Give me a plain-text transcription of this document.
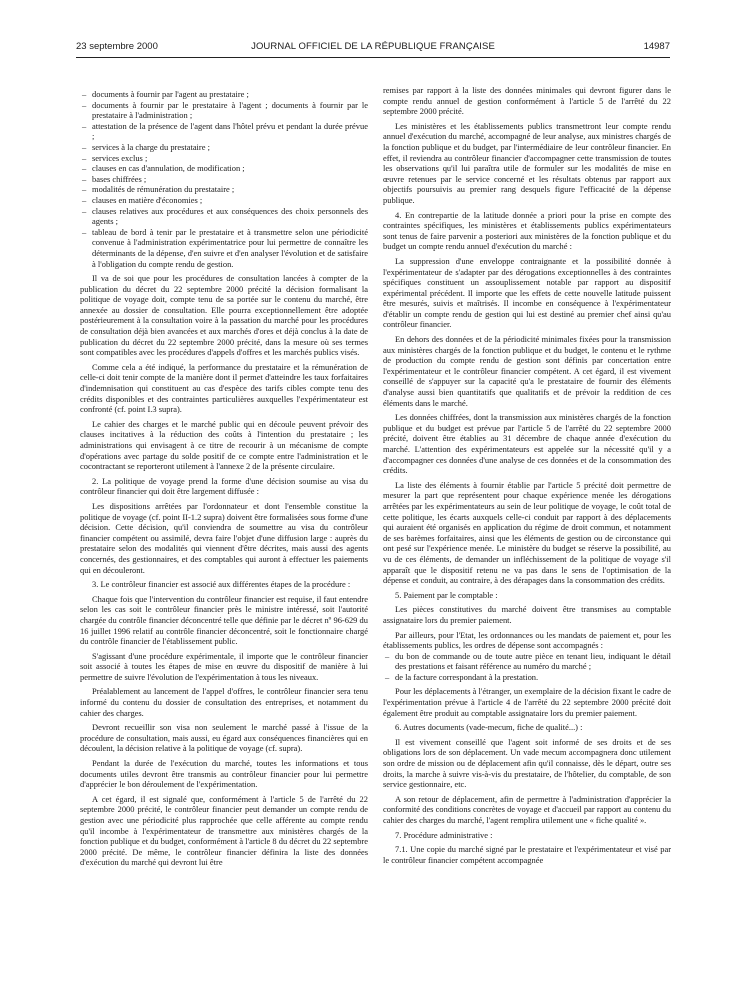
23 septembre 2000	JOURNAL OFFICIEL DE LA RÉPUBLIQUE FRANÇAISE	14987
– documents à fournir par l'agent au prestataire ;
– documents à fournir par le prestataire à l'agent ; documents à fournir par le prestataire à l'administration ;
– attestation de la présence de l'agent dans l'hôtel prévu et pendant la durée prévue ;
– services à la charge du prestataire ;
– services exclus ;
– clauses en cas d'annulation, de modification ;
– bases chiffrées ;
– modalités de rémunération du prestataire ;
– clauses en matière d'économies ;
– clauses relatives aux procédures et aux conséquences des choix personnels des agents ;
– tableau de bord à tenir par le prestataire et à transmettre selon une périodicité convenue à l'administration expérimentatrice pour lui permettre de connaître les déterminants de la dépense, d'en suivre et d'en analyser l'évolution et de satisfaire à l'obligation du compte rendu de gestion.

Il va de soi que pour les procédures de consultation lancées à compter de la publication du décret du 22 septembre 2000 précité la décision formalisant la politique de voyage doit, compte tenu de sa portée sur le contenu du marché, être annexée au dossier de consultation. Elle pourra exceptionnellement être adoptée postérieurement à la consultation voire à la passation du marché pour les procédures de consultation déjà bien avancées et aux marchés d'ores et déjà conclus à la date de publication du décret du 22 septembre 2000 précité, dans la mesure où ses termes sont compatibles avec les procédures d'appels d'offres et les marchés publics visés.

Comme cela a été indiqué, la performance du prestataire et la rémunération de celle-ci doit tenir compte de la manière dont il permet d'atteindre les taux forfaitaires d'indemnisation qui constituent au cas d'espèce des tarifs cibles compte tenu des crédits disponibles et des contraintes particulières auxquelles l'expérimentateur est confronté (cf. point I.3 supra).

Le cahier des charges et le marché public qui en découle peuvent prévoir des clauses incitatives à la réduction des coûts à l'intention du prestataire ; les administrations qui envisagent à ce titre de recourir à un mécanisme de compte d'opérations avec partage du solde positif de ce compte entre l'administration et le cocontractant se reporteront utilement à l'annexe 2 de la présente circulaire.

2. La politique de voyage prend la forme d'une décision soumise au visa du contrôleur financier qui doit être largement diffusée :

Les dispositions arrêtées par l'ordonnateur et dont l'ensemble constitue la politique de voyage (cf. point II-1.2 supra) doivent être formalisées sous forme d'une décision. Cette décision, qu'il conviendra de soumettre au visa du contrôleur financier compétent ou assimilé, devra faire l'objet d'une diffusion large : auprès du prestataire selon des modalités qui viennent d'être décrites, mais aussi des agents concernés, des gestionnaires, et des comptables qui auront à effectuer les paiements qui en découleront.

3. Le contrôleur financier est associé aux différentes étapes de la procédure :

Chaque fois que l'intervention du contrôleur financier est requise, il faut entendre selon les cas soit le contrôleur financier près le ministre intéressé, soit l'autorité chargée du contrôle financier déconcentré telle que définie par le décret nº 96-629 du 16 juillet 1996 relatif au contrôle financier déconcentré, soit le fonctionnaire chargé du contrôle financier de l'établissement public.

S'agissant d'une procédure expérimentale, il importe que le contrôleur financier soit associé à toutes les étapes de mise en œuvre du dispositif de manière à lui permettre de suivre l'évolution de l'expérimentation à tous les niveaux.

Préalablement au lancement de l'appel d'offres, le contrôleur financier sera tenu informé du contenu du dossier de consultation des entreprises, et notamment du cahier des charges.

Devront recueillir son visa non seulement le marché passé à l'issue de la procédure de consultation, mais aussi, eu égard aux conséquences financières qui en découlent, la décision relative à la politique de voyage (cf. supra).

Pendant la durée de l'exécution du marché, toutes les informations et tous documents utiles devront être transmis au contrôleur financier pour lui permettre d'apprécier le bon déroulement de l'expérimentation.

A cet égard, il est signalé que, conformément à l'article 5 de l'arrêté du 22 septembre 2000 précité, le contrôleur financier peut demander un compte rendu de gestion avec une périodicité plus rapprochée que celle afférente au compte rendu qu'il incombe à l'expérimentateur de transmettre aux ministères chargés de la fonction publique et du budget, conformément à l'article 8 du décret du 22 septembre 2000 précité. De même, le contrôleur financier définira la liste des données d'exécution du marché qui devront lui être

remises par rapport à la liste des données minimales qui devront figurer dans le compte rendu annuel de gestion conformément à l'article 5 de l'arrêté du 22 septembre 2000 précité.

Les ministères et les établissements publics transmettront leur compte rendu annuel d'exécution du marché, accompagné de leur analyse, aux ministres chargés de la fonction publique et du budget, par l'intermédiaire de leur contrôleur financier. En effet, il reviendra au contrôleur financier d'accompagner cette transmission de toutes les observations qu'il lui paraîtra utile de formuler sur les modalités de mise en œuvre retenues par le service concerné et les résultats obtenus par rapport aux objectifs poursuivis au premier rang desquels figure l'efficacité de la dépense publique.

4. En contrepartie de la latitude donnée a priori pour la prise en compte des contraintes spécifiques, les ministères et établissements publics expérimentateurs sont tenus de faire parvenir a posteriori aux ministères de la fonction publique et du budget un compte rendu annuel d'exécution du marché :

La suppression d'une enveloppe contraignante et la possibilité donnée à l'expérimentateur de s'adapter par des dérogations exceptionnelles à des contraintes spécifiques constituent un assouplissement notable par rapport au dispositif expérimental précédent. Il importe que les effets de cette nouvelle latitude puissent être mesurés, suivis et maîtrisés. Il incombe en conséquence à l'expérimentateur d'établir un compte rendu de gestion qui lui est destiné au premier chef ainsi qu'au contrôleur financier.

En dehors des données et de la périodicité minimales fixées pour la transmission aux ministères chargés de la fonction publique et du budget, le contenu et le rythme de production du compte rendu de gestion sont définis par concertation entre l'expérimentateur et le contrôleur financier compétent. A cet égard, il est vivement conseillé de s'appuyer sur la capacité qu'a le prestataire de fournir des éléments d'analyse aussi bien quantitatifs que qualitatifs et de prévoir la reddition de ces éléments dans le marché.

Les données chiffrées, dont la transmission aux ministères chargés de la fonction publique et du budget est prévue par l'article 5 de l'arrêté du 22 septembre 2000 précité, doivent être établies au 31 décembre de chaque année d'exécution du marché. L'attention des expérimentateurs est appelée sur la nécessité qu'il y a d'accompagner ces données d'une analyse de ces données et de la consommation des crédits.

La liste des éléments à fournir établie par l'article 5 précité doit permettre de mesurer la part que représentent pour chaque expérience menée les dérogations arrêtées par les expérimentateurs au sein de leur politique de voyage, le coût total de cette politique, les écarts auxquels celle-ci conduit par rapport à des déplacements qui auraient été organisés en application du régime de droit commun, et notamment de ses barèmes forfaitaires, ainsi que les éléments de gestion ou de circonstance qui ont pesé sur l'expérience menée. Le ministère du budget se réserve la possibilité, au vu de ces éléments, de demander un infléchissement de la politique de voyage s'il apparaît que le dispositif retenu ne va pas dans le sens de l'optimisation de la dépense et conduit, au contraire, à des dérapages dans la consommation des crédits.

5. Paiement par le comptable :

Les pièces constitutives du marché doivent être transmises au comptable assignataire lors du premier paiement.

Par ailleurs, pour l'Etat, les ordonnances ou les mandats de paiement et, pour les établissements publics, les ordres de dépense sont accompagnés :

– du bon de commande ou de toute autre pièce en tenant lieu, indiquant le détail des prestations et faisant référence au numéro du marché ;
– de la facture correspondant à la prestation.

Pour les déplacements à l'étranger, un exemplaire de la décision fixant le cadre de l'expérimentation prévue à l'article 4 de l'arrêté du 22 septembre 2000 précité doit également être produit au comptable assignataire lors du premier paiement.

6. Autres documents (vade-mecum, fiche de qualité...) :

Il est vivement conseillé que l'agent soit informé de ses droits et de ses obligations lors de son déplacement. Un vade mecum accompagnera donc utilement son ordre de mission ou de déplacement afin qu'il connaisse, dès le départ, outre ses droits, la marche à suivre vis-à-vis du prestataire, de l'hôtelier, du comptable, de son service gestionnaire, etc.

A son retour de déplacement, afin de permettre à l'administration d'apprécier la conformité des conditions concrètes de voyage et d'accueil par rapport au contenu du cahier des charges du marché, l'agent remplira utilement une « fiche qualité ».

7. Procédure administrative :

7.1. Une copie du marché signé par le prestataire et l'expérimentateur et visé par le contrôleur financier compétent accompagnée
